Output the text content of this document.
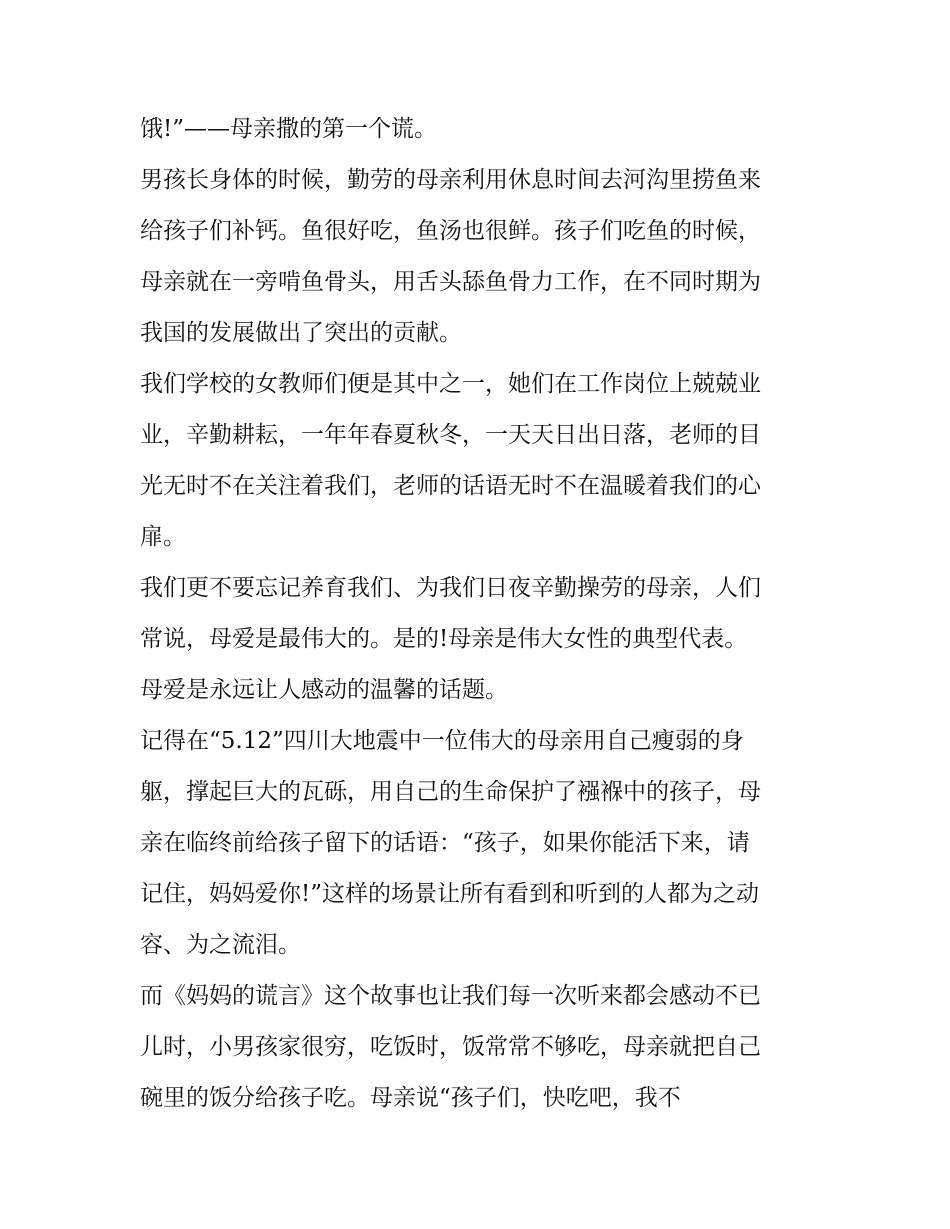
饿!”——母亲撒的第一个谎。
男孩长身体的时候，勤劳的母亲利用休息时间去河沟里捞鱼来
给孩子们补钙。鱼很好吃，鱼汤也很鲜。孩子们吃鱼的时候，
母亲就在一旁啃鱼骨头，用舌头舔鱼骨力工作，在不同时期为
我国的发展做出了突出的贡献。
我们学校的女教师们便是其中之一，她们在工作岗位上兢兢业
业，辛勤耕耘，一年年春夏秋冬，一天天日出日落，老师的目
光无时不在关注着我们，老师的话语无时不在温暖着我们的心
扉。
我们更不要忘记养育我们、为我们日夜辛勤操劳的母亲，人们
常说，母爱是最伟大的。是的!母亲是伟大女性的典型代表。
母爱是永远让人感动的温馨的话题。
记得在“5.12”四川大地震中一位伟大的母亲用自己瘦弱的身
躯，撑起巨大的瓦砾，用自己的生命保护了襁褓中的孩子，母
亲在临终前给孩子留下的话语：“孩子，如果你能活下来，请
记住，妈妈爱你!”这样的场景让所有看到和听到的人都为之动
容、为之流泪。
而《妈妈的谎言》这个故事也让我们每一次听来都会感动不已
儿时，小男孩家很穷，吃饭时，饭常常不够吃，母亲就把自己
碗里的饭分给孩子吃。母亲说“孩子们，快吃吧，我不
